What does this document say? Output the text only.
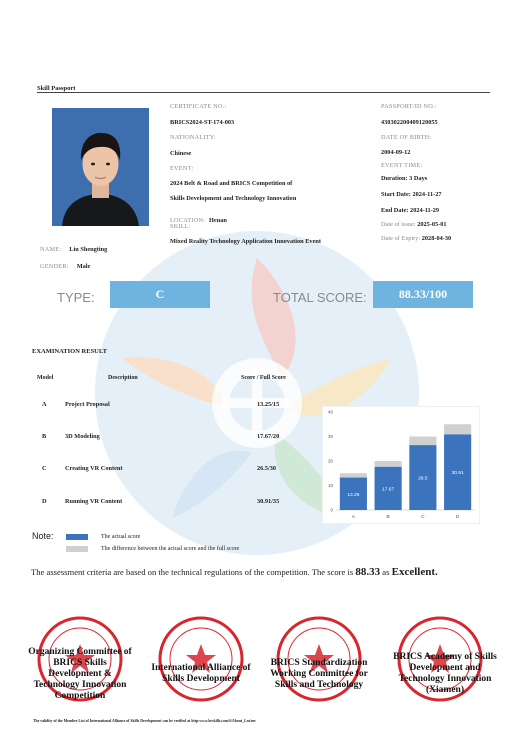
Skill Passport
CERTIFICATE NO.:
BRICS2024-ST-174-003
NATIONALITY:
Chinese
EVENT:
2024 Belt & Road and BRICS Competition of
Skills Development and Technology Innovation
LOCATION: Henan
SKILL:
Mixed Reality Technology Application Innovation Event
PASSPORT/ID NO.:
430302200409120055
DATE OF BIRTH:
2004-09-12
EVENT TIME:
Duration: 3 Days
Start Date: 2024-11-27
End Date: 2024-11-29
Date of issue: 2025-05-01
Date of Expiry: 2028-04-30
NAME: Liu Shengting
GENDER: Male
TYPE:	C	TOTAL SCORE:	88.33/100
EXAMINATION RESULT
Model	Description	Score / Full Score
A	Project Proposal	13.25/15
B	3D Modeling	17.67/20
C	Creating VR Content	26.5/30
D	Running VR Content	30.91/35
0
10
20
30
40
13.25
A
17.67
B
26.5
C
30.91
D
Note:	The actual score
The difference between the actual score and the full score
The assessment criteria are based on the technical regulations of the competition. The score is 88.33 as Excellent.
Organizing Committee of BRICS Skills Development & Technology Innovation Competition
International Alliance of Skills Development
BRICS Standardization Working Committee for Skills and Technology
BRICS Academy of Skills Development and Technology Innovation (Xiamen)
The validity of the Member List of International Alliance of Skills Development can be verified at http:www.brskills.com/#/About_Lm/mv
